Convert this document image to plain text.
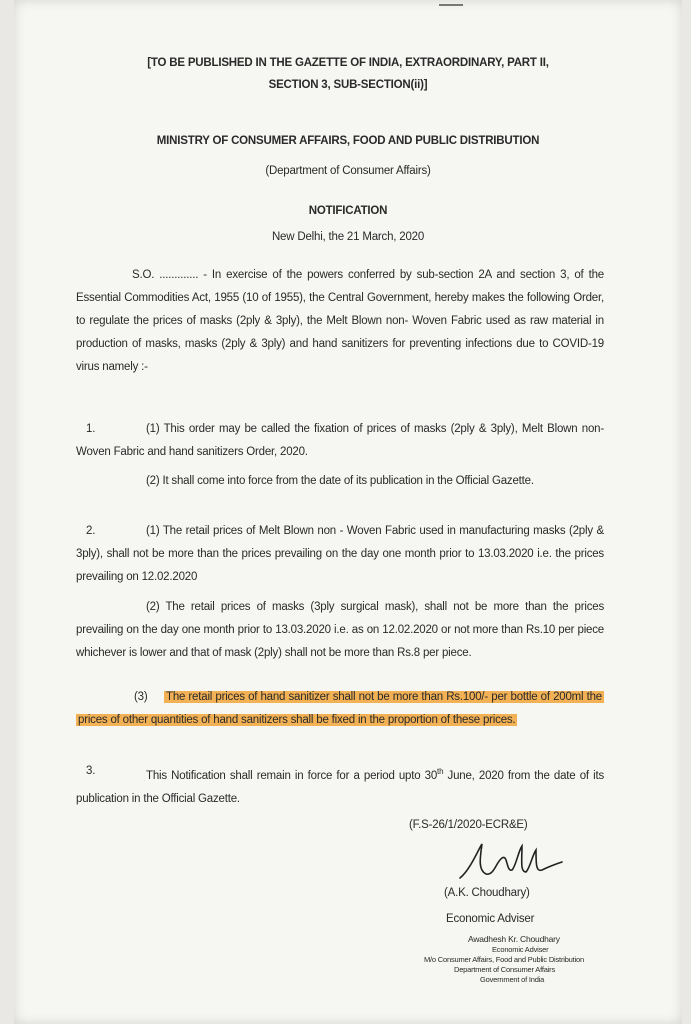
[TO BE PUBLISHED IN THE GAZETTE OF INDIA, EXTRAORDINARY, PART II,
SECTION 3, SUB-SECTION(ii)]
MINISTRY OF CONSUMER AFFAIRS, FOOD AND PUBLIC DISTRIBUTION
(Department of Consumer Affairs)
NOTIFICATION
New Delhi, the 21 March, 2020
S.O. ............. - In exercise of the powers conferred by sub-section 2A and section 3, of the Essential Commodities Act, 1955 (10 of 1955), the Central Government, hereby makes the following Order, to regulate the prices of masks (2ply & 3ply), the Melt Blown non- Woven Fabric used as raw material in production of masks, masks (2ply & 3ply) and hand sanitizers for preventing infections due to COVID-19 virus namely :-
1.	(1) This order may be called the fixation of prices of masks (2ply & 3ply), Melt Blown non- Woven Fabric and hand sanitizers Order, 2020.
(2) It shall come into force from the date of its publication in the Official Gazette.
2.	(1) The retail prices of Melt Blown non - Woven Fabric used in manufacturing masks (2ply & 3ply), shall not be more than the prices prevailing on the day one month prior to 13.03.2020 i.e. the prices prevailing on 12.02.2020
(2) The retail prices of masks (3ply surgical mask), shall not be more than the prices prevailing on the day one month prior to 13.03.2020 i.e. as on 12.02.2020 or not more than Rs.10 per piece whichever is lower and that of mask (2ply) shall not be more than Rs.8 per piece.
(3)	The retail prices of hand sanitizer shall not be more than Rs.100/- per bottle of 200ml the prices of other quantities of hand sanitizers shall be fixed in the proportion of these prices.
3.	This Notification shall remain in force for a period upto 30th June, 2020 from the date of its publication in the Official Gazette.
(F.S-26/1/2020-ECR&E)
(A.K. Choudhary)
Economic Adviser
Awadhesh Kr. Choudhary
Economic Adviser
M/o Consumer Affairs, Food and Public Distribution
Department of Consumer Affairs
Government of India
